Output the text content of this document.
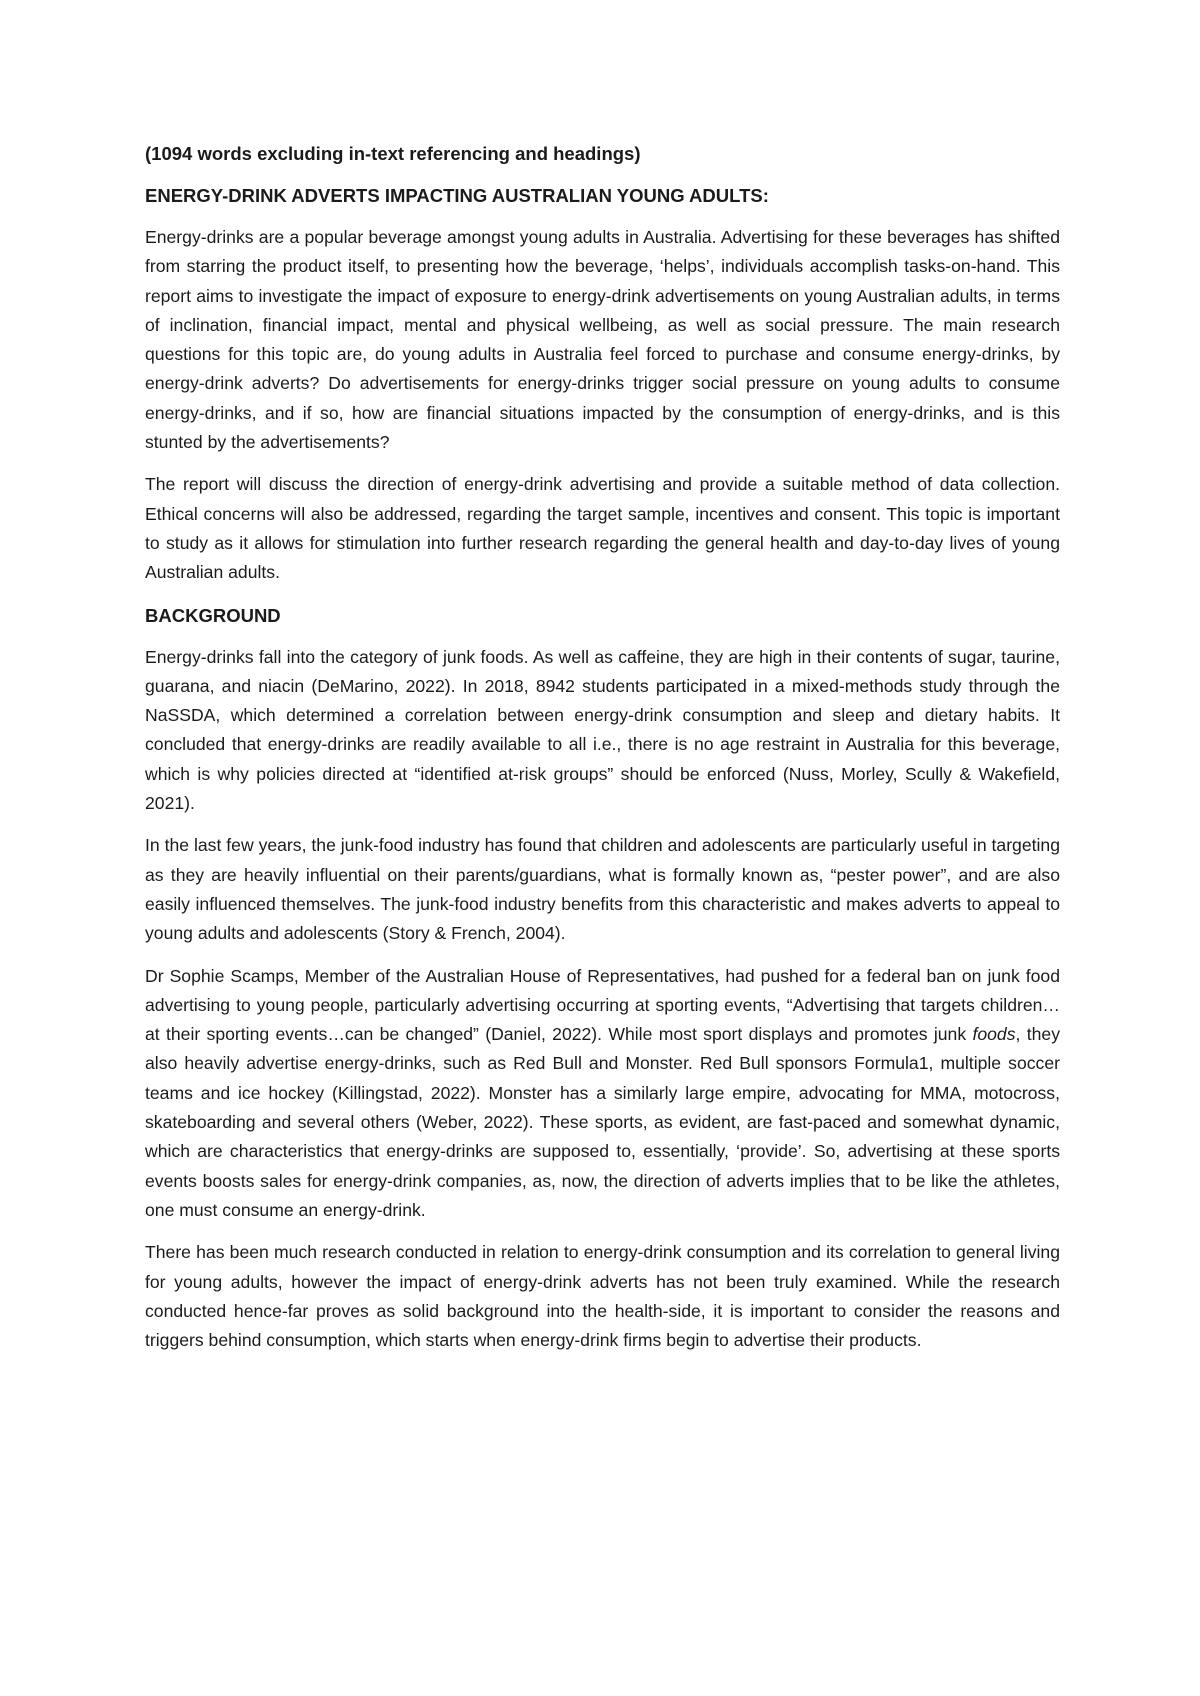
(1094 words excluding in-text referencing and headings)
ENERGY-DRINK ADVERTS IMPACTING AUSTRALIAN YOUNG ADULTS:

Energy-drinks are a popular beverage amongst young adults in Australia. Advertising for these beverages has shifted from starring the product itself, to presenting how the beverage, ‘helps’, individuals accomplish tasks-on-hand. This report aims to investigate the impact of exposure to energy-drink advertisements on young Australian adults, in terms of inclination, financial impact, mental and physical wellbeing, as well as social pressure. The main research questions for this topic are, do young adults in Australia feel forced to purchase and consume energy-drinks, by energy-drink adverts? Do advertisements for energy-drinks trigger social pressure on young adults to consume energy-drinks, and if so, how are financial situations impacted by the consumption of energy-drinks, and is this stunted by the advertisements?

The report will discuss the direction of energy-drink advertising and provide a suitable method of data collection. Ethical concerns will also be addressed, regarding the target sample, incentives and consent. This topic is important to study as it allows for stimulation into further research regarding the general health and day-to-day lives of young Australian adults.

BACKGROUND

Energy-drinks fall into the category of junk foods. As well as caffeine, they are high in their contents of sugar, taurine, guarana, and niacin (DeMarino, 2022). In 2018, 8942 students participated in a mixed-methods study through the NaSSDA, which determined a correlation between energy-drink consumption and sleep and dietary habits. It concluded that energy-drinks are readily available to all i.e., there is no age restraint in Australia for this beverage, which is why policies directed at “identified at-risk groups” should be enforced (Nuss, Morley, Scully & Wakefield, 2021).

In the last few years, the junk-food industry has found that children and adolescents are particularly useful in targeting as they are heavily influential on their parents/guardians, what is formally known as, “pester power”, and are also easily influenced themselves. The junk-food industry benefits from this characteristic and makes adverts to appeal to young adults and adolescents (Story & French, 2004).

Dr Sophie Scamps, Member of the Australian House of Representatives, had pushed for a federal ban on junk food advertising to young people, particularly advertising occurring at sporting events, “Advertising that targets children…at their sporting events…can be changed” (Daniel, 2022). While most sport displays and promotes junk foods, they also heavily advertise energy-drinks, such as Red Bull and Monster. Red Bull sponsors Formula1, multiple soccer teams and ice hockey (Killingstad, 2022). Monster has a similarly large empire, advocating for MMA, motocross, skateboarding and several others (Weber, 2022). These sports, as evident, are fast-paced and somewhat dynamic, which are characteristics that energy-drinks are supposed to, essentially, ‘provide’. So, advertising at these sports events boosts sales for energy-drink companies, as, now, the direction of adverts implies that to be like the athletes, one must consume an energy-drink.

There has been much research conducted in relation to energy-drink consumption and its correlation to general living for young adults, however the impact of energy-drink adverts has not been truly examined. While the research conducted hence-far proves as solid background into the health-side, it is important to consider the reasons and triggers behind consumption, which starts when energy-drink firms begin to advertise their products.
